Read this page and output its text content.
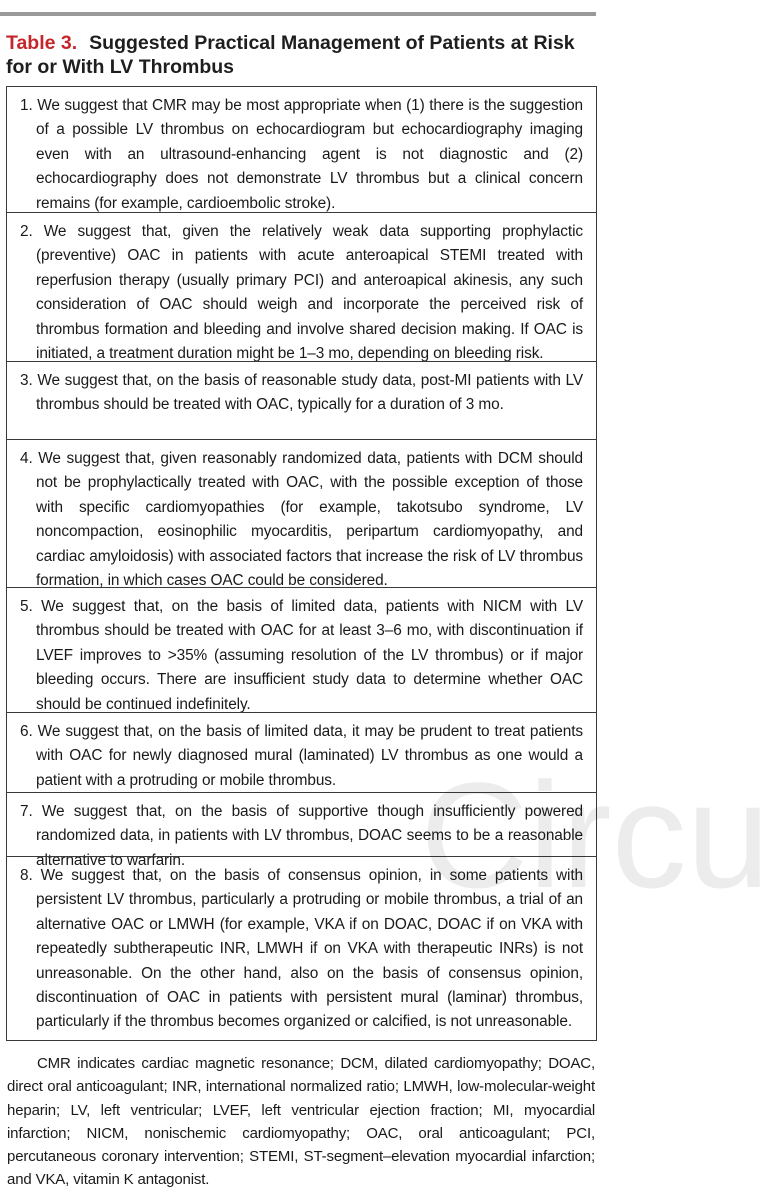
Table 3. Suggested Practical Management of Patients at Risk for or With LV Thrombus
1. We suggest that CMR may be most appropriate when (1) there is the suggestion of a possible LV thrombus on echocardiogram but echocardiography imaging even with an ultrasound-enhancing agent is not diagnostic and (2) echocardiography does not demonstrate LV thrombus but a clinical concern remains (for example, cardioembolic stroke).
2. We suggest that, given the relatively weak data supporting prophylactic (preventive) OAC in patients with acute anteroapical STEMI treated with reperfusion therapy (usually primary PCI) and anteroapical akinesis, any such consideration of OAC should weigh and incorporate the perceived risk of thrombus formation and bleeding and involve shared decision making. If OAC is initiated, a treatment duration might be 1–3 mo, depending on bleeding risk.
3. We suggest that, on the basis of reasonable study data, post-MI patients with LV thrombus should be treated with OAC, typically for a duration of 3 mo.
4. We suggest that, given reasonably randomized data, patients with DCM should not be prophylactically treated with OAC, with the possible exception of those with specific cardiomyopathies (for example, takotsubo syndrome, LV noncompaction, eosinophilic myocarditis, peripartum cardiomyopathy, and cardiac amyloidosis) with associated factors that increase the risk of LV thrombus formation, in which cases OAC could be considered.
5. We suggest that, on the basis of limited data, patients with NICM with LV thrombus should be treated with OAC for at least 3–6 mo, with discontinuation if LVEF improves to >35% (assuming resolution of the LV thrombus) or if major bleeding occurs. There are insufficient study data to determine whether OAC should be continued indefinitely.
6. We suggest that, on the basis of limited data, it may be prudent to treat patients with OAC for newly diagnosed mural (laminated) LV thrombus as one would a patient with a protruding or mobile thrombus.
7. We suggest that, on the basis of supportive though insufficiently powered randomized data, in patients with LV thrombus, DOAC seems to be a reasonable alternative to warfarin.
8. We suggest that, on the basis of consensus opinion, in some patients with persistent LV thrombus, particularly a protruding or mobile thrombus, a trial of an alternative OAC or LMWH (for example, VKA if on DOAC, DOAC if on VKA with repeatedly subtherapeutic INR, LMWH if on VKA with therapeutic INRs) is not unreasonable. On the other hand, also on the basis of consensus opinion, discontinuation of OAC in patients with persistent mural (laminar) thrombus, particularly if the thrombus becomes organized or calcified, is not unreasonable.
Circu
CMR indicates cardiac magnetic resonance; DCM, dilated cardiomyopathy; DOAC, direct oral anticoagulant; INR, international normalized ratio; LMWH, low-molecular-weight heparin; LV, left ventricular; LVEF, left ventricular ejection fraction; MI, myocardial infarction; NICM, nonischemic cardiomyopathy; OAC, oral anticoagulant; PCI, percutaneous coronary intervention; STEMI, ST-segment–elevation myocardial infarction; and VKA, vitamin K antagonist.
